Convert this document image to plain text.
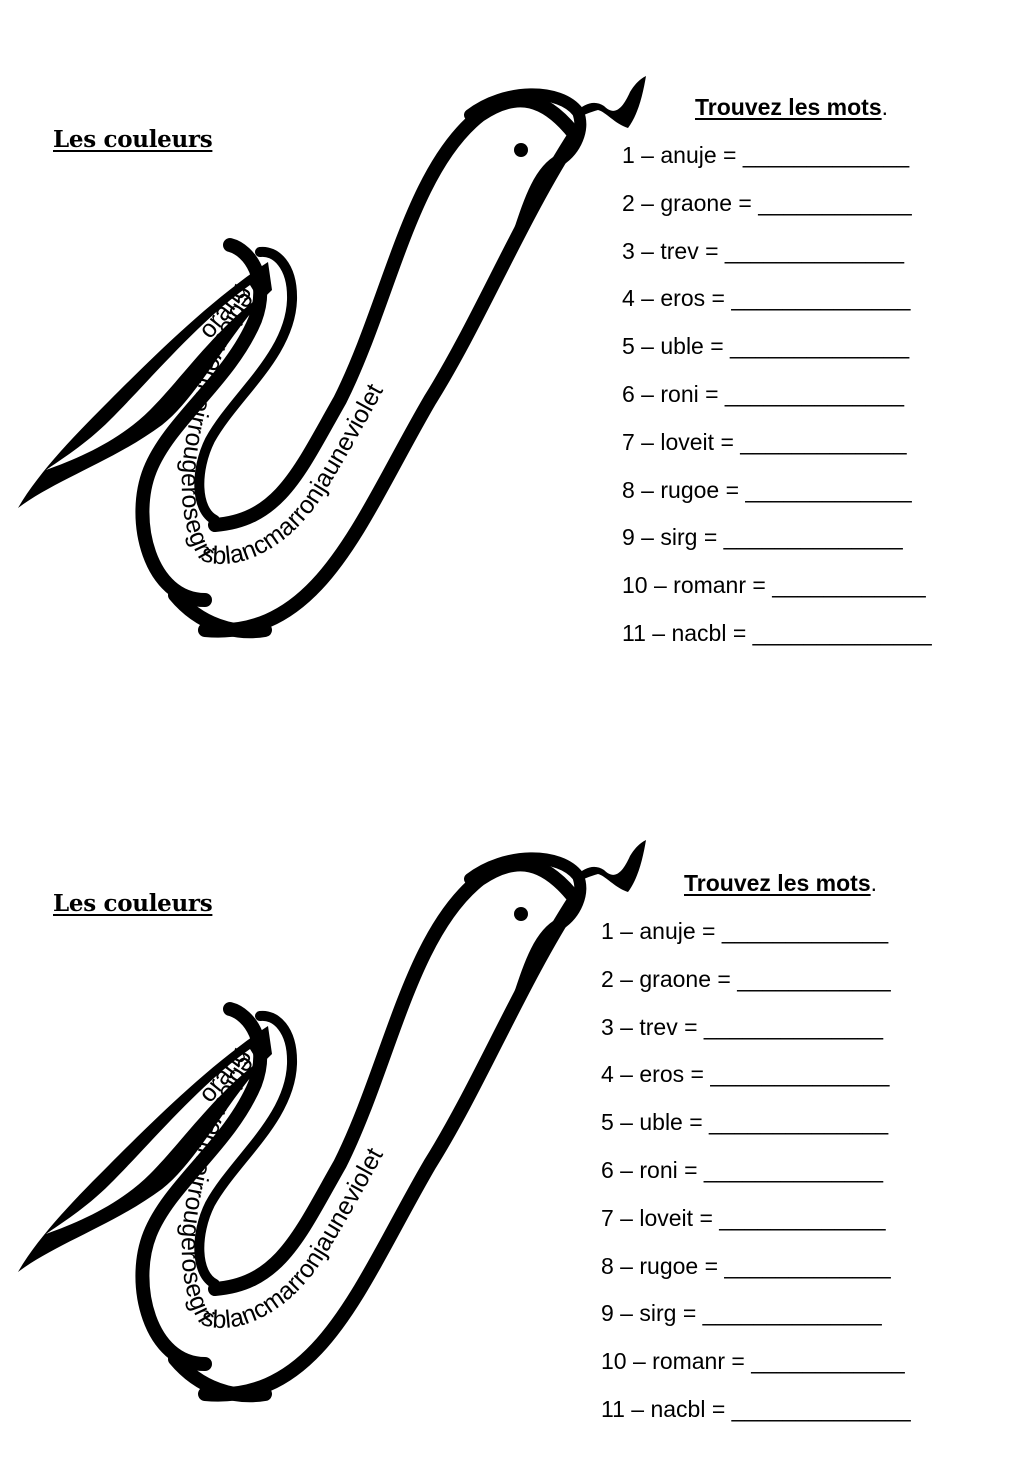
Les couleurs
orangebleuvertnoirrougerosegrisblancmarronjauneviolet
Trouvez les mots.
1 – anuje = _____________
2 – graone = ____________
3 – trev = ______________
4 – eros = ______________
5 – uble = ______________
6 – roni = ______________
7 – loveit = _____________
8 – rugoe = _____________
9 – sirg = ______________
10 – romanr = ____________
11 – nacbl = ______________
Les couleurs
orangebleuvertnoirrougerosegrisblancmarronjauneviolet
Trouvez les mots.
1 – anuje = _____________
2 – graone = ____________
3 – trev = ______________
4 – eros = ______________
5 – uble = ______________
6 – roni = ______________
7 – loveit = _____________
8 – rugoe = _____________
9 – sirg = ______________
10 – romanr = ____________
11 – nacbl = ______________
